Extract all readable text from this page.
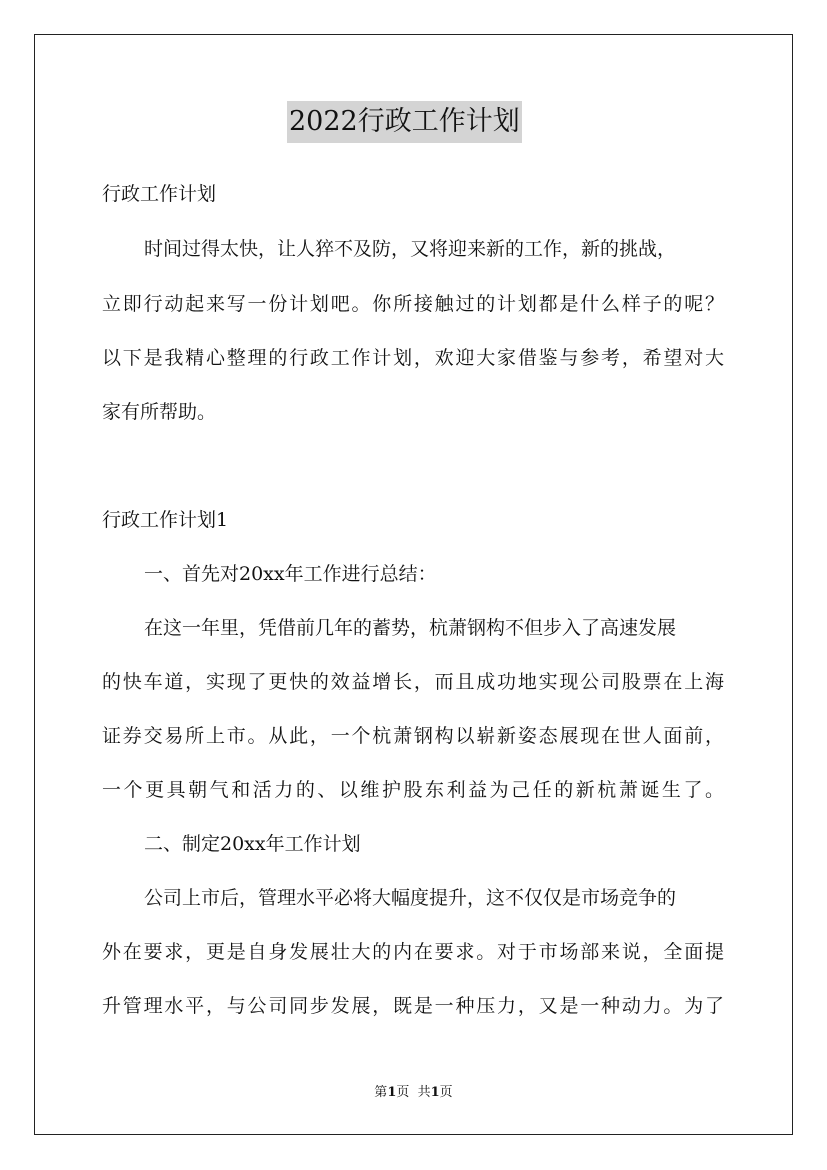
2022行政工作计划
行政工作计划
时间过得太快，让人猝不及防，又将迎来新的工作，新的挑战，
立即行动起来写一份计划吧。你所接触过的计划都是什么样子的呢？
以下是我精心整理的行政工作计划，欢迎大家借鉴与参考，希望对大
家有所帮助。
行政工作计划1
一、首先对20xx年工作进行总结：
在这一年里，凭借前几年的蓄势，杭萧钢构不但步入了高速发展
的快车道，实现了更快的效益增长，而且成功地实现公司股票在上海
证券交易所上市。从此，一个杭萧钢构以崭新姿态展现在世人面前，
一个更具朝气和活力的、以维护股东利益为己任的新杭萧诞生了。
二、制定20xx年工作计划
公司上市后，管理水平必将大幅度提升，这不仅仅是市场竞争的
外在要求，更是自身发展壮大的内在要求。对于市场部来说，全面提
升管理水平，与公司同步发展，既是一种压力，又是一种动力。为了
第1页  共1页
